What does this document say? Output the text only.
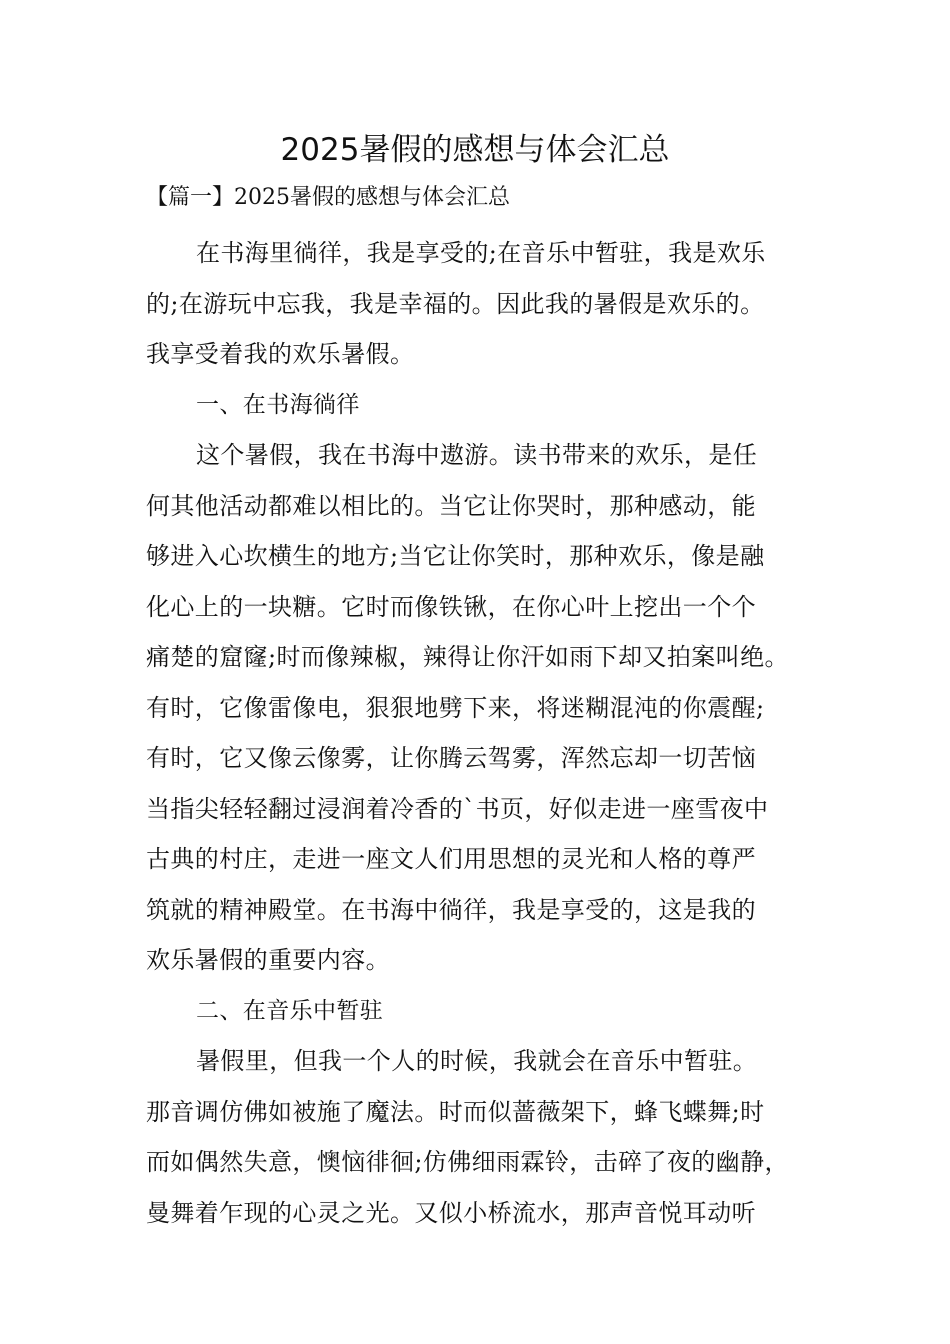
2025暑假的感想与体会汇总
【篇一】2025暑假的感想与体会汇总
在书海里徜徉，我是享受的;在音乐中暂驻，我是欢乐
的;在游玩中忘我，我是幸福的。因此我的暑假是欢乐的。
我享受着我的欢乐暑假。
一、在书海徜徉
这个暑假，我在书海中遨游。读书带来的欢乐，是任
何其他活动都难以相比的。当它让你哭时，那种感动，能
够进入心坎横生的地方;当它让你笑时，那种欢乐，像是融
化心上的一块糖。它时而像铁锹，在你心叶上挖出一个个
痛楚的窟窿;时而像辣椒，辣得让你汗如雨下却又拍案叫绝。
有时，它像雷像电，狠狠地劈下来，将迷糊混沌的你震醒;
有时，它又像云像雾，让你腾云驾雾，浑然忘却一切苦恼
当指尖轻轻翻过浸润着冷香的`书页，好似走进一座雪夜中
古典的村庄，走进一座文人们用思想的灵光和人格的尊严
筑就的精神殿堂。在书海中徜徉，我是享受的，这是我的
欢乐暑假的重要内容。
二、在音乐中暂驻
暑假里，但我一个人的时候，我就会在音乐中暂驻。
那音调仿佛如被施了魔法。时而似蔷薇架下，蜂飞蝶舞;时
而如偶然失意，懊恼徘徊;仿佛细雨霖铃，击碎了夜的幽静，
曼舞着乍现的心灵之光。又似小桥流水，那声音悦耳动听
